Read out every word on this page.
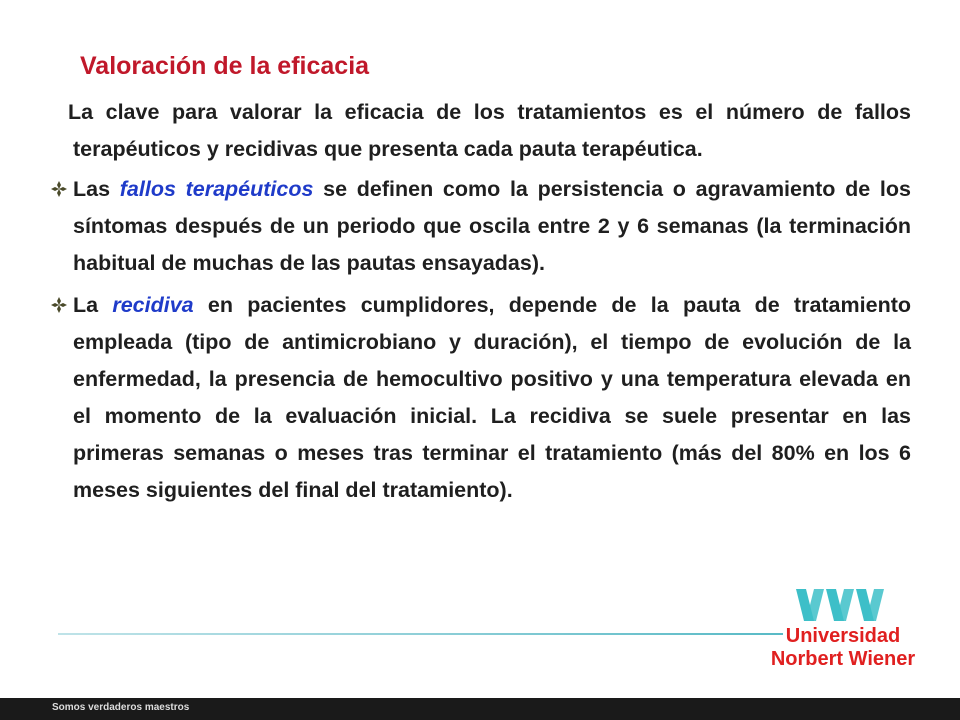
Valoración de la eficacia

La clave para valorar la eficacia de los tratamientos es el número de fallos terapéuticos y recidivas que presenta cada pauta terapéutica.

Las fallos terapéuticos se definen como la persistencia o agravamiento de los síntomas después de un periodo que oscila entre 2 y 6 semanas (la terminación habitual de muchas de las pautas ensayadas).

La recidiva en pacientes cumplidores, depende de la pauta de tratamiento empleada (tipo de antimicrobiano y duración), el tiempo de evolución de la enfermedad, la presencia de hemocultivo positivo y una temperatura elevada en el momento de la evaluación inicial. La recidiva se suele presentar en las primeras semanas o meses tras terminar el tratamiento (más del 80% en los 6 meses siguientes del final del tratamiento).

Universidad
Norbert Wiener
Somos verdaderos maestros
